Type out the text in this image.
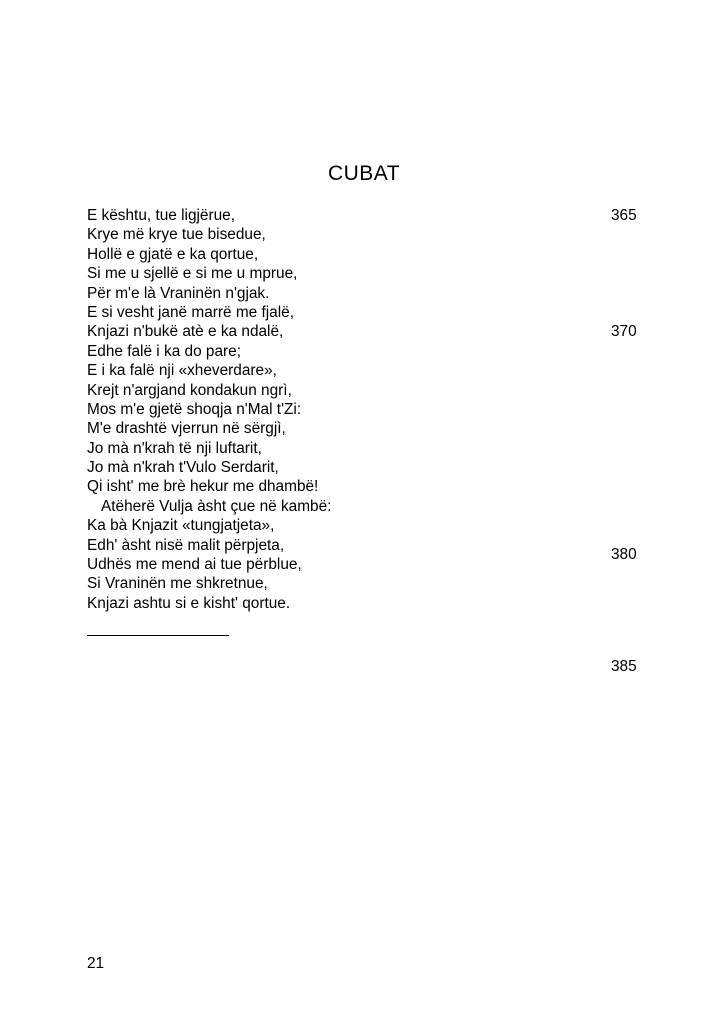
CUBAT
E kështu, tue ligjërue,
Krye më krye tue bisedue,
Hollë e gjatë e ka qortue,
Si me u sjellë e si me u mprue,
Për m'e là Vraninën n'gjak.
E si vesht janë marrë me fjalë,
Knjazi n'bukë atè e ka ndalë,
Edhe falë i ka do pare;
E i ka falë nji «xheverdare»,
Krejt n'argjand kondakun ngrì,
Mos m'e gjetë shoqja n'Mal t'Zi:
M'e drashtë vjerrun në sërgjì,
Jo mà n'krah të nji luftarit,
Jo mà n'krah t'Vulo Serdarit,
Qi isht' me brè hekur me dhambë!
Atëherë Vulja àsht çue në kambë:
Ka bà Knjazit «tungjatjeta»,
Edh' àsht nisë malit përpjeta,
Udhës me mend ai tue përblue,
Si Vraninën me shkretnue,
Knjazi ashtu si e kisht' qortue.
365
370
380
385
21
